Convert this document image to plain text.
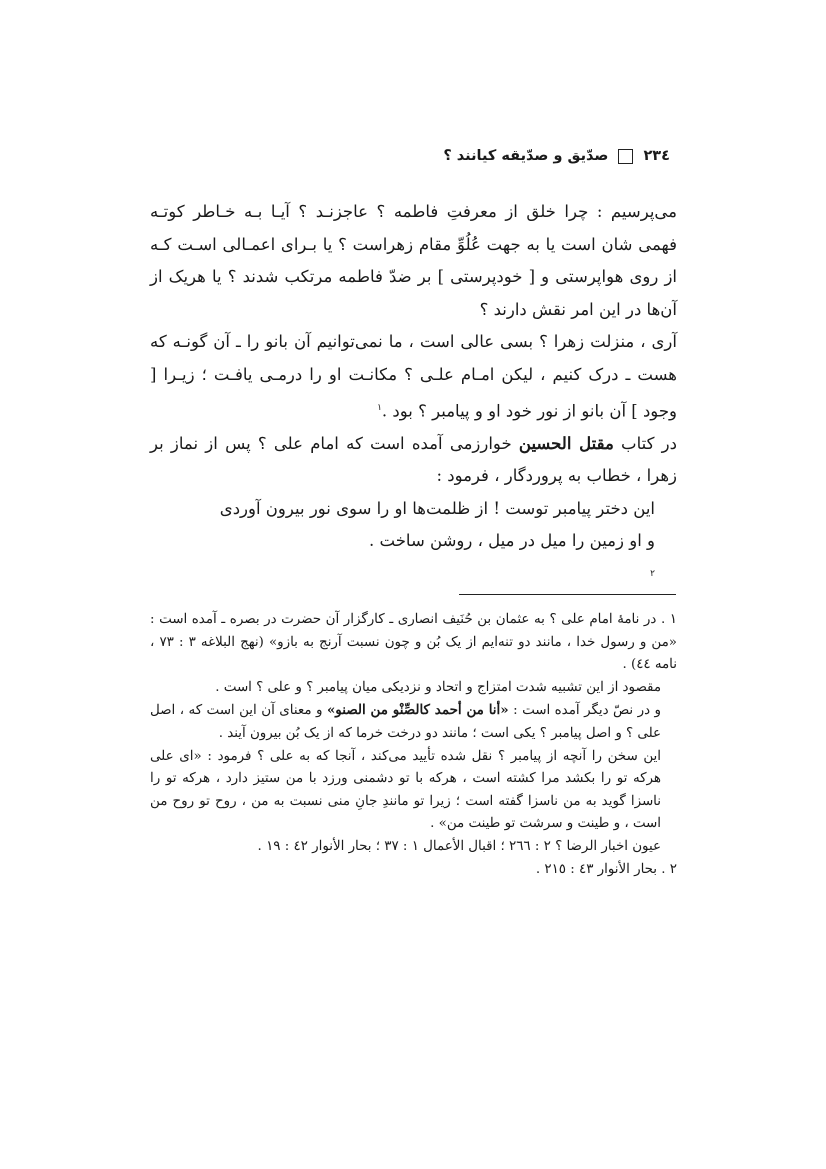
٢٣٤
صدّیق و صدّیقه کیانند ؟

می‌پرسیم : چرا خلق از معرفتِ فاطمه ؟ عاجزنـد ؟ آیـا بـه خـاطر کوتـه فهمی شان است یا به جهت عُلُوِّ مقام زهراست ؟ یا بـرای اعمـالی اسـت کـه از روی هواپرستی و [ خودپرستی ] بر ضدّ فاطمه مرتکب شدند ؟ یا هریک از آن‌ها در این امر نقش دارند ؟

آری ، منزلت زهرا ؟ بسی عالی است ، ما نمی‌توانیم آن بانو را ـ آن گونـه که هست ـ درک کنیم ، لیکن امـام علـی ؟ مکانـت او را درمـی یافـت ؛ زیـرا [ وجود ] آن بانو از نور خود او و پیامبر ؟ بود .$^١$

در کتاب مقتل الحسین خوارزمی آمده است که امام علی ؟ پس از نماز بر زهرا ، خطاب به پروردگار ، فرمود :

این دختر پیامبر توست ! از ظلمت‌ها او را سوی نور بیرون آوردی
و او زمین را میل در میل ، روشن ساخت .
$^٢$

١ . در نامهٔ امام علی ؟ به عثمان بن حُنَیف انصاری ـ کارگزار آن حضرت در بصره ـ آمده است : «من و رسول خدا ، مانند دو تنه‌ایم از یک بُن و چون نسبت آرنج به بازو» (نهج البلاغه ٣ : ٧٣ ، نامه ٤٤) .

مقصود از این تشبیه شدت امتزاج و اتحاد و نزدیکی میان پیامبر ؟ و علی ؟ است .

و در نصّ دیگر آمده است : «أنا من أحمد کالصِّنْو من الصنو» و معنای آن این است که ، اصل علی ؟ و اصل پیامبر ؟ یکی است ؛ مانند دو درخت خرما که از یک بُن بیرون آیند .

این سخن را آنچه از پیامبر ؟ نقل شده تأیید می‌کند ، آنجا که به علی ؟ فرمود : «ای علی هرکه تو را بکشد مرا کشته است ، هرکه با تو دشمنی ورزد با من ستیز دارد ، هرکه تو را ناسزا گوید به من ناسزا گفته است ؛ زیرا تو مانندِ جانِ منی نسبت به من ، روح تو روح من است ، و طینت و سرشت تو طینت من» .

عیون اخبار الرضا ؟ ٢ : ٢٦٦ ؛ اقبال الأعمال ١ : ٣٧ ؛ بحار الأنوار ٤٢ : ١٩ .

٢ . بحار الأنوار ٤٣ : ٢١٥ .
